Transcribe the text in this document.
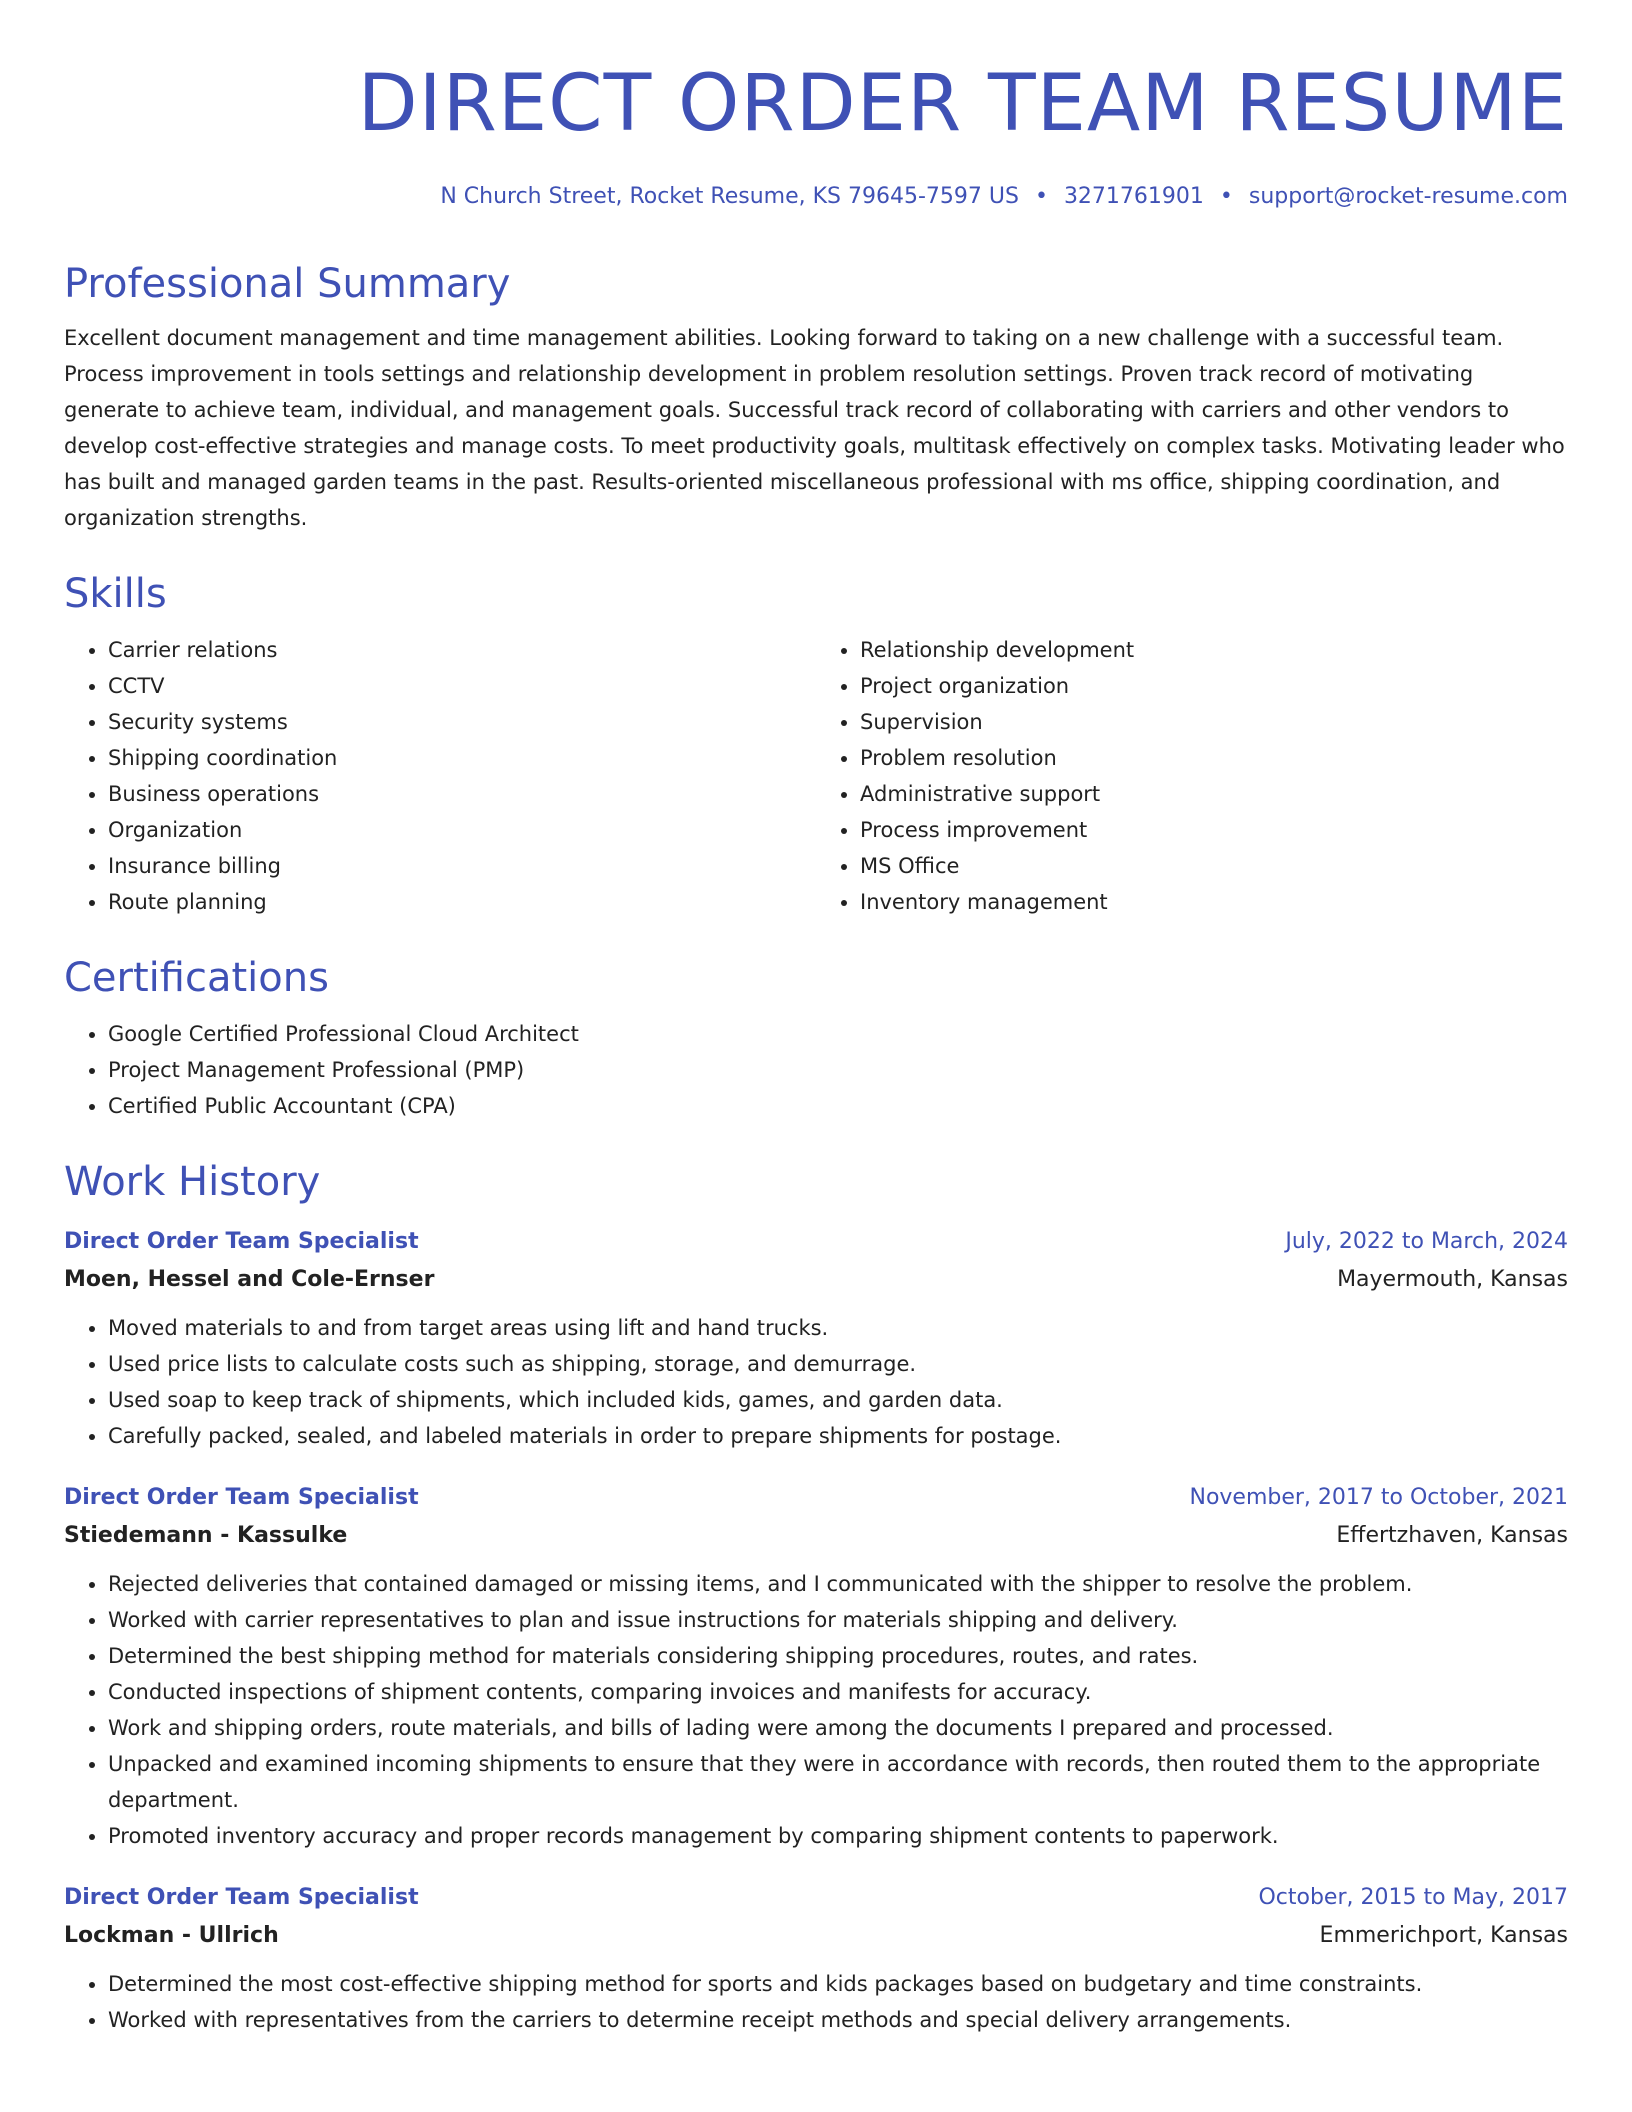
DIRECT ORDER TEAM RESUME
N Church Street, Rocket Resume, KS 79645-7597 US • 3271761901 • support@rocket-resume.com
Professional Summary

Excellent document management and time management abilities. Looking forward to taking on a new challenge with a successful team. Process improvement in tools settings and relationship development in problem resolution settings. Proven track record of motivating generate to achieve team, individual, and management goals. Successful track record of collaborating with carriers and other vendors to develop cost-effective strategies and manage costs. To meet productivity goals, multitask effectively on complex tasks. Motivating leader who has built and managed garden teams in the past. Results-oriented miscellaneous professional with ms office, shipping coordination, and organization strengths.

Skills
• Carrier relations
• CCTV
• Security systems
• Shipping coordination
• Business operations
• Organization
• Insurance billing
• Route planning
• Relationship development
• Project organization
• Supervision
• Problem resolution
• Administrative support
• Process improvement
• MS Office
• Inventory management
Certifications
• Google Certified Professional Cloud Architect
• Project Management Professional (PMP)
• Certified Public Accountant (CPA)
Work History
Direct Order Team Specialist	July, 2022 to March, 2024
Moen, Hessel and Cole-Ernser	Mayermouth, Kansas
• Moved materials to and from target areas using lift and hand trucks.
• Used price lists to calculate costs such as shipping, storage, and demurrage.
• Used soap to keep track of shipments, which included kids, games, and garden data.
• Carefully packed, sealed, and labeled materials in order to prepare shipments for postage.
Direct Order Team Specialist	November, 2017 to October, 2021
Stiedemann - Kassulke	Effertzhaven, Kansas
• Rejected deliveries that contained damaged or missing items, and I communicated with the shipper to resolve the problem.
• Worked with carrier representatives to plan and issue instructions for materials shipping and delivery.
• Determined the best shipping method for materials considering shipping procedures, routes, and rates.
• Conducted inspections of shipment contents, comparing invoices and manifests for accuracy.
• Work and shipping orders, route materials, and bills of lading were among the documents I prepared and processed.
• Unpacked and examined incoming shipments to ensure that they were in accordance with records, then routed them to the appropriate department.
• Promoted inventory accuracy and proper records management by comparing shipment contents to paperwork.
Direct Order Team Specialist	October, 2015 to May, 2017
Lockman - Ullrich	Emmerichport, Kansas
• Determined the most cost-effective shipping method for sports and kids packages based on budgetary and time constraints.
• Worked with representatives from the carriers to determine receipt methods and special delivery arrangements.
